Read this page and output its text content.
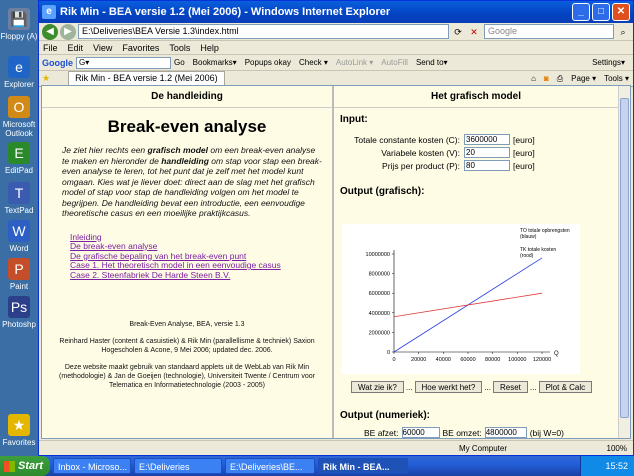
💾
Floppy (A)
e
Explorer
O
Microsoft Outlook
E
EditPad
T
TextPad
W
Word
P
Paint
Ps
Photoshp
★
Favorites
e Rik Min - BEA versie 1.2 (Mei 2006) - Windows Internet Explorer	_	□	✕
◀	▶	E:\Deliveries\BEA Versie 1.3\index.html	⟳ ✕	Google	⌕
File Edit View Favorites Tools Help
Google G▾	Go Bookmarks▾ Popups okay Check ▾ AutoLink ▾ AutoFill Send to▾	Settings▾
★	Rik Min - BEA versie 1.2 (Mei 2006)	⌂ ◙ ⎙ Page ▾ Tools ▾
De handleiding
Break-even analyse
Je ziet hier rechts een grafisch model om een break-even analyse te maken en hieronder de handleiding om stap voor stap een break-even analyse te leren, tot het punt dat je zelf met het model kunt omgaan. Kies wat je liever doet: direct aan de slag met het grafisch model of stap voor stap de handleiding volgen om het model te begrijpen. De handleiding bevat een introductie, een eenvoudige theoretische casus en een moeilijke praktijkcasus.
Inleiding
De break-even analyse
De grafische bepaling van het break-even punt
Case 1. Het theoretisch model in een eenvoudige casus
Case 2. Steenfabriek De Harde Steen B.V.

Break-Even Analyse, BEA, versie 1.3

Reinhard Haster (content & casuistiek) & Rik Min (parallellisme & techniek) Saxion Hogescholen & Acone, 9 Mei 2006; updated dec. 2006.

Deze website maakt gebruik van standaard applets uit de WebLab van Rik Min (methodologie) & Jan de Goeijen (technologie), Universiteit Twente / Centrum voor Telematica en Informatietechnologie (2003 - 2005)

Het grafisch model
Input:
Totale constante kosten (C):
3600000	[euro]
Variabele kosten (V):
20	[euro]
Prijs per product (P):
80	[euro]
Output (grafisch):
0
2000000
4000000
6000000
8000000
10000000
0	20000 40000 60000 80000 100000 120000
Q
TO totale opbrengsten
(blauw)
TK totale kosten
(rood)
Wat zie ik?	...	Hoe werkt het?	...	Reset	...	Plot & Calc
Output (numeriek):
BE afzet:
60000	BE omzet:
4800000	(bij W=0)
My Computer	100%
Start	Inbox - Microso...	E:\Deliveries	E:\Deliveries\BE...	Rik Min - BEA...	15:52
